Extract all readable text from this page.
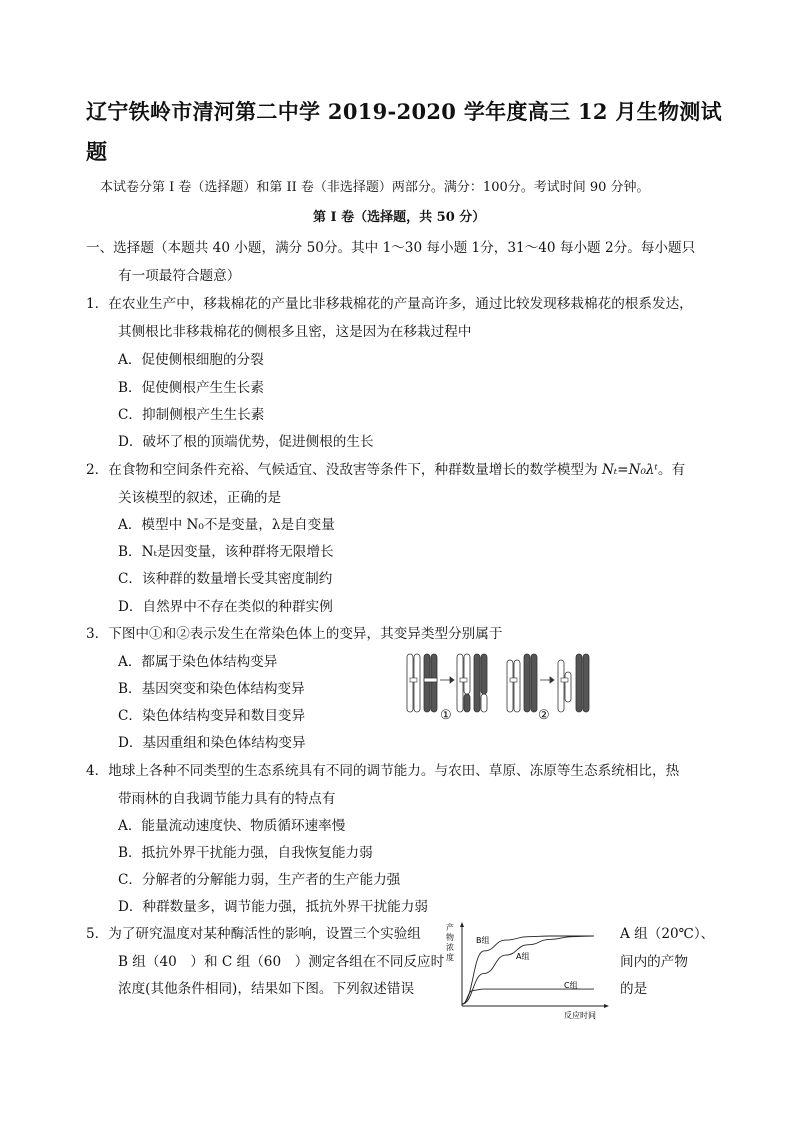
辽宁铁岭市清河第二中学 2019-2020 学年度高三 12 月生物测试
题
本试卷分第 I 卷（选择题）和第 II 卷（非选择题）两部分。满分：100分。考试时间 90 分钟。
第 I 卷（选择题，共 50 分）
一、选择题（本题共 40 小题，满分 50分。其中 1～30 每小题 1分，31～40 每小题 2分。每小题只
有一项最符合题意）
1．在农业生产中，移栽棉花的产量比非移栽棉花的产量高许多，通过比较发现移栽棉花的根系发达，
其侧根比非移栽棉花的侧根多且密，这是因为在移栽过程中
A．促使侧根细胞的分裂
B．促使侧根产生生长素
C．抑制侧根产生生长素
D．破坏了根的顶端优势，促进侧根的生长
2．在食物和空间条件充裕、气候适宜、没敌害等条件下，种群数量增长的数学模型为 Nₜ=N₀λᵗ。有
关该模型的叙述，正确的是
A．模型中 N₀不是变量，λ是自变量
B．Nₜ是因变量，该种群将无限增长
C．该种群的数量增长受其密度制约
D．自然界中不存在类似的种群实例
3．下图中①和②表示发生在常染色体上的变异，其变异类型分别属于
A．都属于染色体结构变异
B．基因突变和染色体结构变异
C．染色体结构变异和数目变异
D．基因重组和染色体结构变异
①	②
4．地球上各种不同类型的生态系统具有不同的调节能力。与农田、草原、冻原等生态系统相比，热
带雨林的自我调节能力具有的特点有
A．能量流动速度快、物质循环速率慢
B．抵抗外界干扰能力强，自我恢复能力弱
C．分解者的分解能力弱，生产者的生产能力强
D．种群数量多，调节能力强，抵抗外界干扰能力弱
5．为了研究温度对某种酶活性的影响，设置三个实验组	A 组（20℃）、
B 组（40　）和 C 组（60　）测定各组在不同反应时	间内的产物
浓度(其他条件相同)，结果如下图。下列叙述错误	的是
产
物
浓
度
反应时间
B组
A组
C组
